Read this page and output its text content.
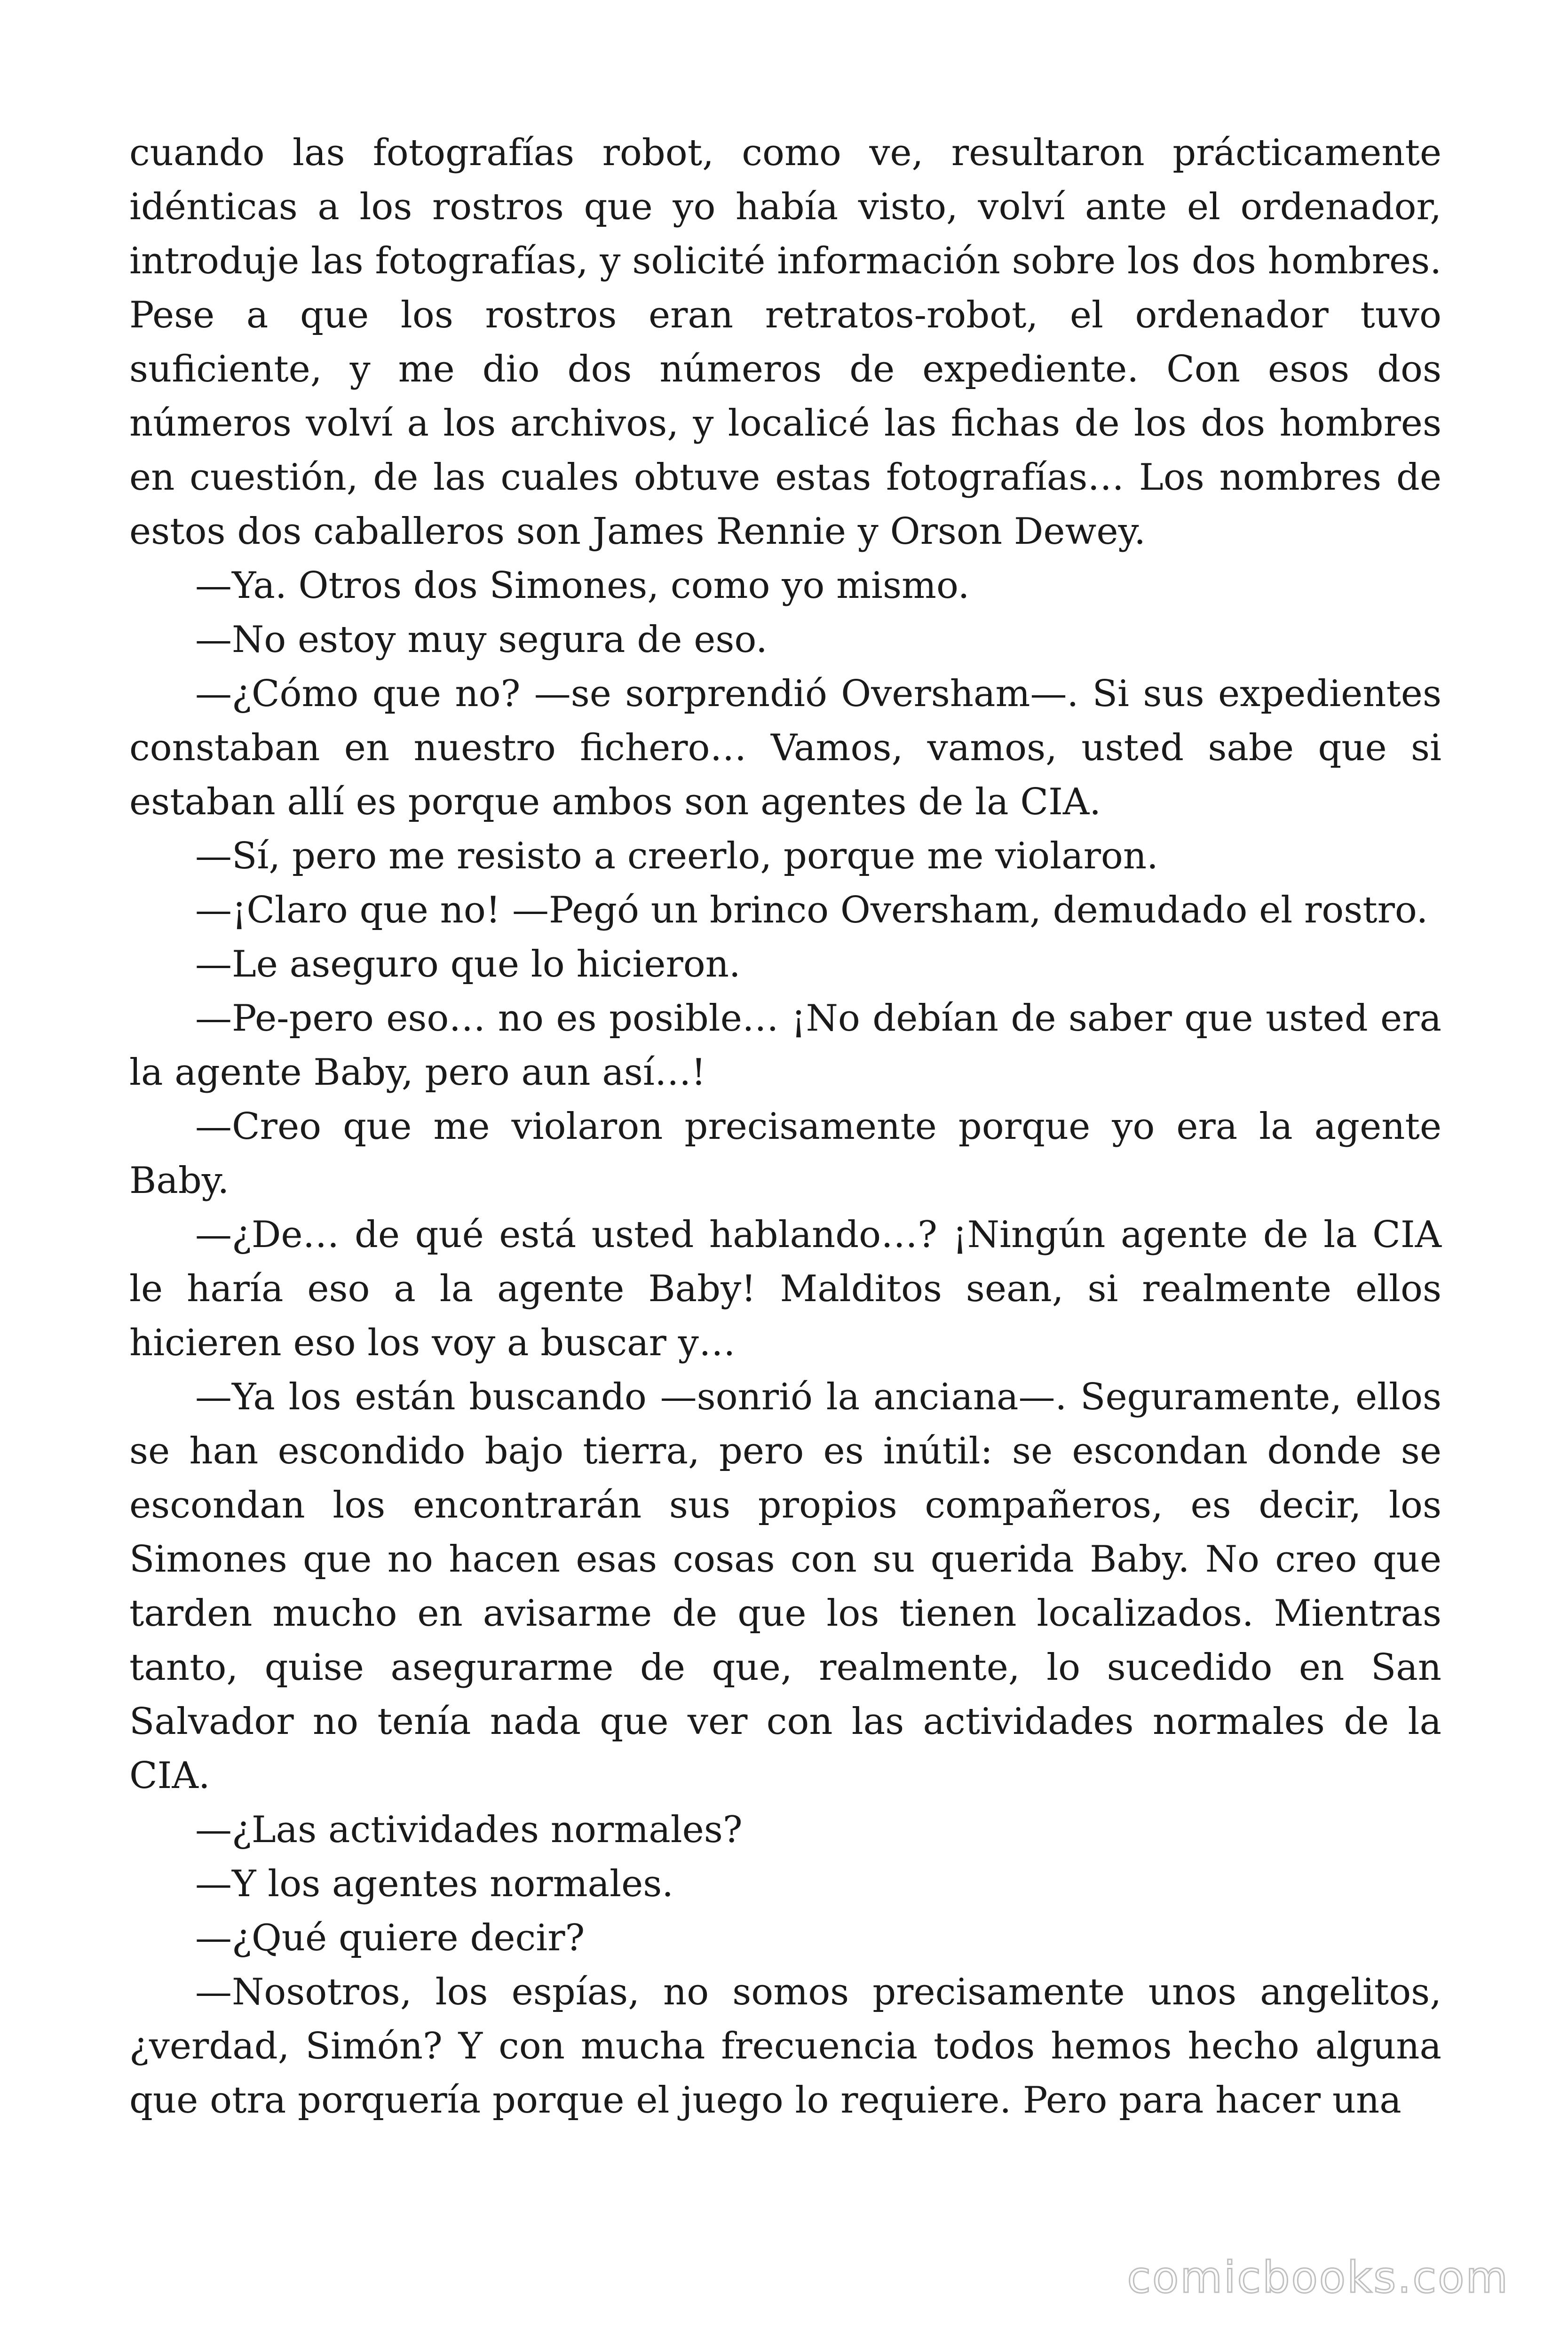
cuando las fotografías robot, como ve, resultaron prácticamente idénticas a los rostros que yo había visto, volví ante el ordenador, introduje las fotografías, y solicité información sobre los dos hombres. Pese a que los rostros eran retratos-robot, el ordenador tuvo suficiente, y me dio dos números de expediente. Con esos dos números volví a los archivos, y localicé las fichas de los dos hombres en cuestión, de las cuales obtuve estas fotografías… Los nombres de estos dos caballeros son James Rennie y Orson Dewey.

—Ya. Otros dos Simones, como yo mismo.

—No estoy muy segura de eso.

—¿Cómo que no? —se sorprendió Oversham—. Si sus expedientes constaban en nuestro fichero… Vamos, vamos, usted sabe que si estaban allí es porque ambos son agentes de la CIA.

—Sí, pero me resisto a creerlo, porque me violaron.

—¡Claro que no! —Pegó un brinco Oversham, demudado el rostro.

—Le aseguro que lo hicieron.

—Pe-pero eso… no es posible… ¡No debían de saber que usted era la agente Baby, pero aun así…!

—Creo que me violaron precisamente porque yo era la agente Baby.

—¿De… de qué está usted hablando…? ¡Ningún agente de la CIA le haría eso a la agente Baby! Malditos sean, si realmente ellos hicieren eso los voy a buscar y…

—Ya los están buscando —sonrió la anciana—. Seguramente, ellos se han escondido bajo tierra, pero es inútil: se escondan donde se escondan los encontrarán sus propios compañeros, es decir, los Simones que no hacen esas cosas con su querida Baby. No creo que tarden mucho en avisarme de que los tienen localizados. Mientras tanto, quise asegurarme de que, realmente, lo sucedido en San Salvador no tenía nada que ver con las actividades normales de la CIA.

—¿Las actividades normales?

—Y los agentes normales.

—¿Qué quiere decir?

—Nosotros, los espías, no somos precisamente unos angelitos, ¿verdad, Simón? Y con mucha frecuencia todos hemos hecho alguna que otra porquería porque el juego lo requiere. Pero para hacer una

comicbooks.com
